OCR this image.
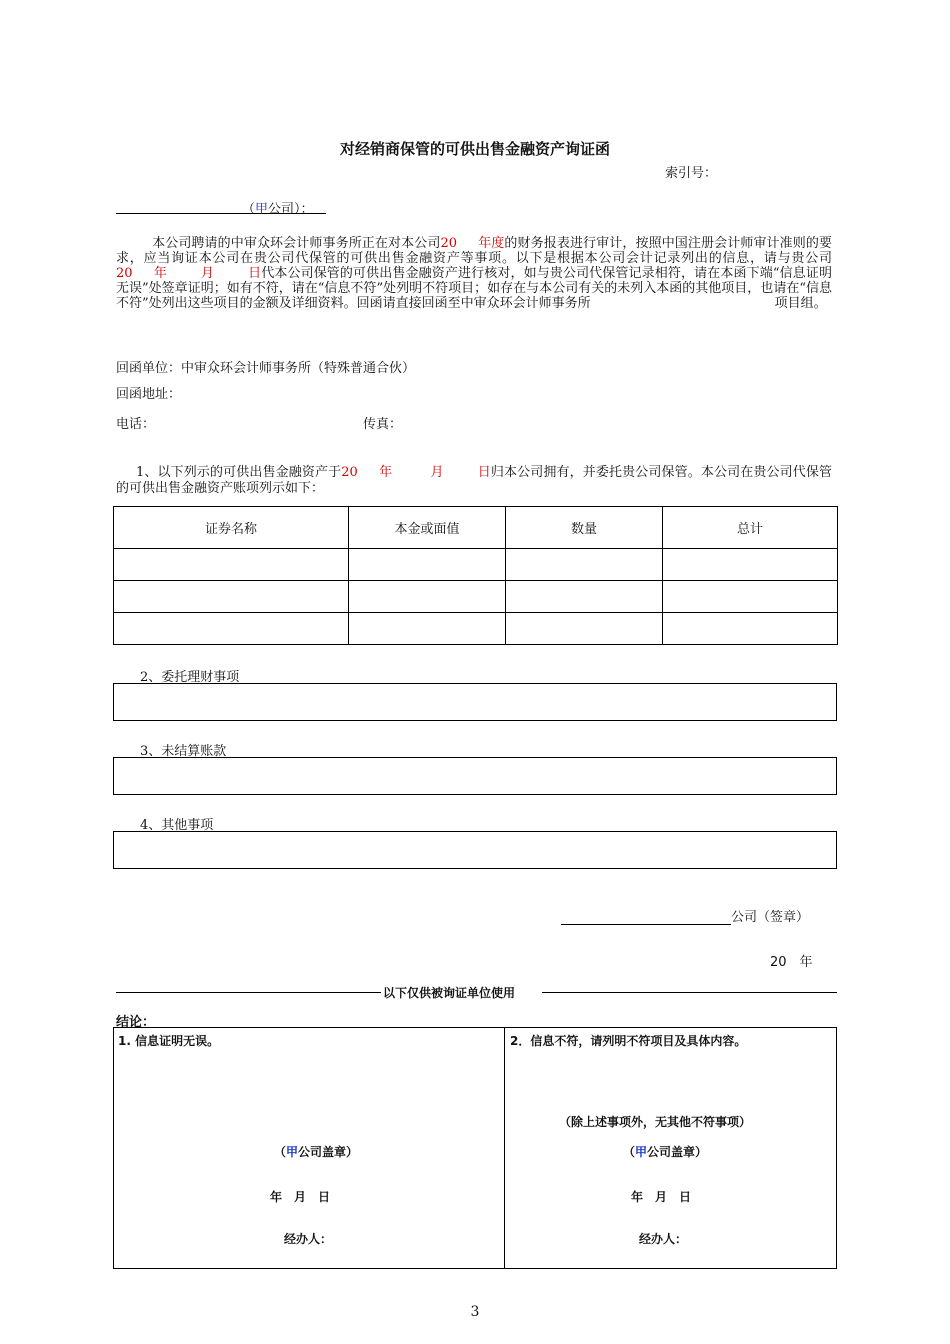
对经销商保管的可供出售金融资产询证函
索引号：
（甲公司）：
本公司聘请的中审众环会计师事务所正在对本公司20 年度的财务报表进行审计，按照中国注册会计师审计准则的要求，应当询证本公司在贵公司代保管的可供出售金融资产等事项。以下是根据本公司会计记录列出的信息，请与贵公司20 年	月	日代本公司保管的可供出售金融资产进行核对，如与贵公司代保管记录相符，请在本函下端“信息证明无误”处签章证明；如有不符，请在“信息不符”处列明不符项目；如存在与本公司有关的未列入本函的其他项目，也请在“信息不符”处列出这些项目的金额及详细资料。回函请直接回函至中审众环会计师事务所	项目组。
回函单位：中审众环会计师事务所（特殊普通合伙）
回函地址：
电话：	传真：
1、以下列示的可供出售金融资产于20 年	月	日归本公司拥有，并委托贵公司保管。本公司在贵公司代保管的可供出售金融资产账项列示如下：
证券名称	本金或面值	数量	总计

2、委托理财事项
3、未结算账款
4、其他事项
公司（签章）
20　年
以下仅供被询证单位使用
结论：
1. 信息证明无误。
（甲公司盖章）
年　月　日
经办人：
2．信息不符，请列明不符项目及具体内容。
（除上述事项外，无其他不符事项）
（甲公司盖章）
年　月　日
经办人：
3
